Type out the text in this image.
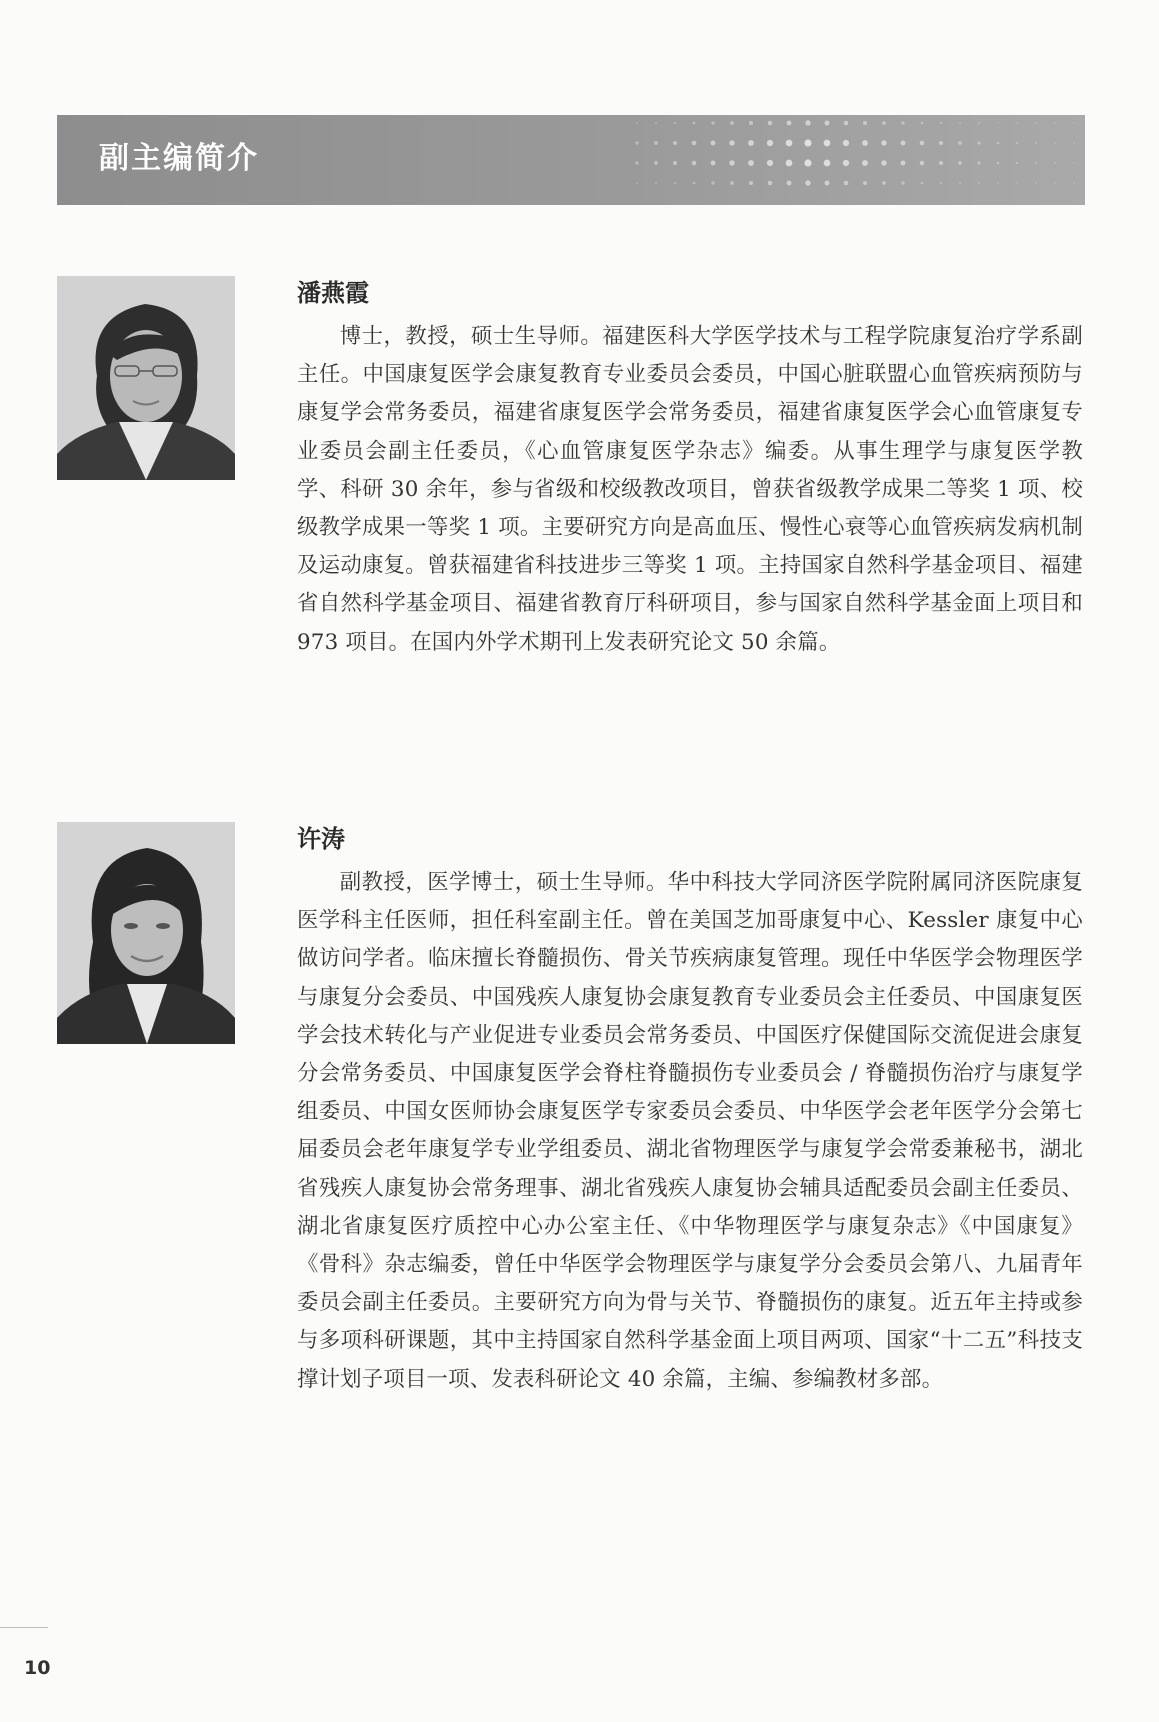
副主编简介
潘燕霞

博士，教授，硕士生导师。福建医科大学医学技术与工程学院康复治疗学系副主任。中国康复医学会康复教育专业委员会委员，中国心脏联盟心血管疾病预防与康复学会常务委员，福建省康复医学会常务委员，福建省康复医学会心血管康复专业委员会副主任委员，《心血管康复医学杂志》编委。从事生理学与康复医学教学、科研 30 余年，参与省级和校级教改项目，曾获省级教学成果二等奖 1 项、校级教学成果一等奖 1 项。主要研究方向是高血压、慢性心衰等心血管疾病发病机制及运动康复。曾获福建省科技进步三等奖 1 项。主持国家自然科学基金项目、福建省自然科学基金项目、福建省教育厅科研项目，参与国家自然科学基金面上项目和 973 项目。在国内外学术期刊上发表研究论文 50 余篇。

许涛

副教授，医学博士，硕士生导师。华中科技大学同济医学院附属同济医院康复医学科主任医师，担任科室副主任。曾在美国芝加哥康复中心、Kessler 康复中心做访问学者。临床擅长脊髓损伤、骨关节疾病康复管理。现任中华医学会物理医学与康复分会委员、中国残疾人康复协会康复教育专业委员会主任委员、中国康复医学会技术转化与产业促进专业委员会常务委员、中国医疗保健国际交流促进会康复分会常务委员、中国康复医学会脊柱脊髓损伤专业委员会 / 脊髓损伤治疗与康复学组委员、中国女医师协会康复医学专家委员会委员、中华医学会老年医学分会第七届委员会老年康复学专业学组委员、湖北省物理医学与康复学会常委兼秘书，湖北省残疾人康复协会常务理事、湖北省残疾人康复协会辅具适配委员会副主任委员、湖北省康复医疗质控中心办公室主任、《中华物理医学与康复杂志》《中国康复》《骨科》杂志编委，曾任中华医学会物理医学与康复学分会委员会第八、九届青年委员会副主任委员。主要研究方向为骨与关节、脊髓损伤的康复。近五年主持或参与多项科研课题，其中主持国家自然科学基金面上项目两项、国家“十二五”科技支撑计划子项目一项、发表科研论文 40 余篇，主编、参编教材多部。

10
